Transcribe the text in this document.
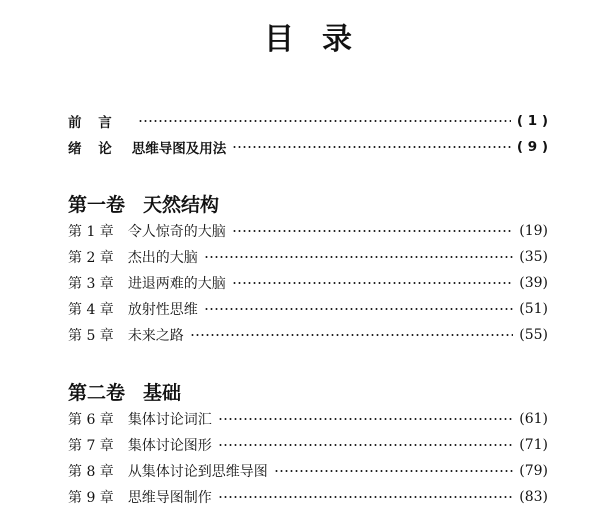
目 录
前 言	( 1 )
绪 论 思维导图及用法	( 9 )
第一卷 天然结构
第 1 章 令人惊奇的大脑	(19)
第 2 章 杰出的大脑	(35)
第 3 章 进退两难的大脑	(39)
第 4 章 放射性思维	(51)
第 5 章 未来之路	(55)
第二卷 基础
第 6 章 集体讨论词汇	(61)
第 7 章 集体讨论图形	(71)
第 8 章 从集体讨论到思维导图	(79)
第 9 章 思维导图制作	(83)
